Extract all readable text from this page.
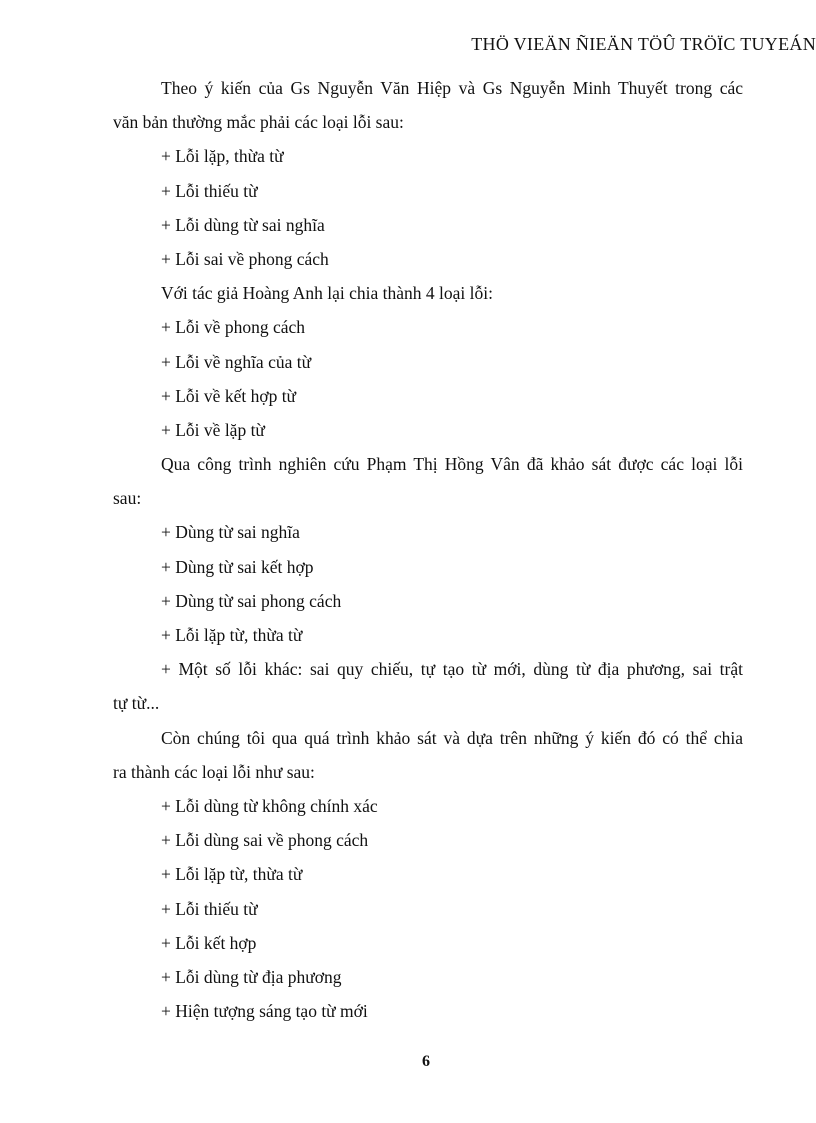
THÖ VIEÄN ÑIEÄN TÖÛ TRÖÏC TUYEÁN
Theo ý kiến của Gs Nguyễn Văn Hiệp và Gs Nguyễn Minh Thuyết trong các
văn bản thường mắc phải các loại lỗi sau:
+ Lỗi lặp, thừa từ
+ Lỗi thiếu từ
+ Lỗi dùng từ sai nghĩa
+ Lỗi sai về phong cách
Với tác giả Hoàng Anh lại chia thành 4 loại lỗi:
+ Lỗi về phong cách
+ Lỗi về nghĩa của từ
+ Lỗi về kết hợp từ
+ Lỗi về lặp từ
Qua công trình nghiên cứu Phạm Thị Hồng Vân đã khảo sát được các loại lỗi
sau:
+ Dùng từ sai nghĩa
+ Dùng từ sai kết hợp
+ Dùng từ sai phong cách
+ Lỗi lặp từ, thừa từ
+ Một số lỗi khác: sai quy chiếu, tự tạo từ mới, dùng từ địa phương, sai trật
tự từ...
Còn chúng tôi qua quá trình khảo sát và dựa trên những ý kiến đó có thể chia
ra thành các loại lỗi như sau:
+ Lỗi dùng từ không chính xác
+ Lỗi dùng sai về phong cách
+ Lỗi lặp từ, thừa từ
+ Lỗi thiếu từ
+ Lỗi kết hợp
+ Lỗi dùng từ địa phương
+ Hiện tượng sáng tạo từ mới
6
